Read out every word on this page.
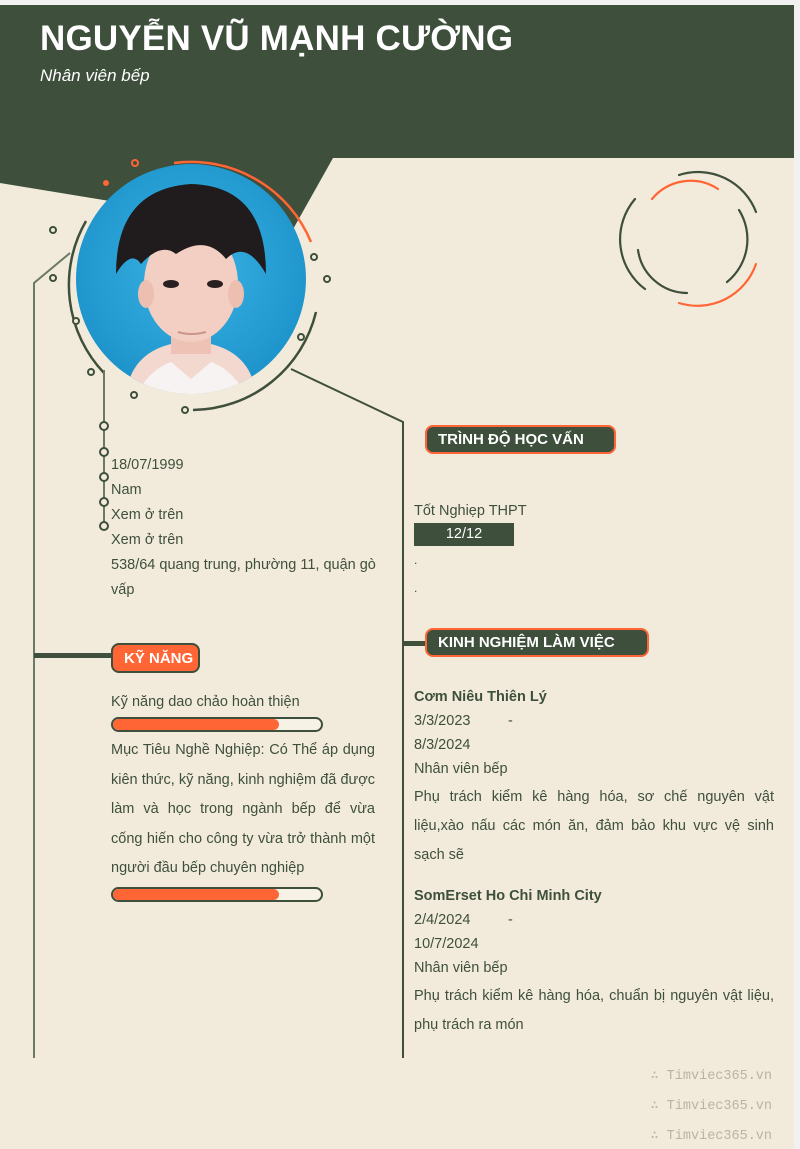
NGUYỄN VŨ MẠNH CƯỜNG
Nhân viên bếp
18/07/1999
Nam
Xem ở trên
Xem ở trên
538/64 quang trung, phường 11, quận gò vấp
KỸ NĂNG
Kỹ năng dao chảo hoàn thiện
Mục Tiêu Nghề Nghiệp: Có Thể áp dụng kiên thức, kỹ năng, kinh nghiệm đã được làm và học trong ngành bếp để vừa cống hiến cho công ty vừa trở thành một người đầu bếp chuyên nghiệp
TRÌNH ĐỘ HỌC VẤN
Tốt Nghiẹp THPT
12/12
.
.
KINH NGHIỆM LÀM VIỆC
Cơm Niêu Thiên Lý
3/3/2023	-
8/3/2024
Nhân viên bếp
Phụ trách kiểm kê hàng hóa, sơ chế nguyên vật liệu,xào nấu các món ăn, đảm bảo khu vực vệ sinh sạch sẽ
SomErset Ho Chi Minh City
2/4/2024	-
10/7/2024
Nhân viên bếp
Phụ trách kiểm kê hàng hóa, chuẩn bị nguyên vật liệu, phụ trách ra món
∴ Timviec365.vn
∴ Timviec365.vn
∴ Timviec365.vn
